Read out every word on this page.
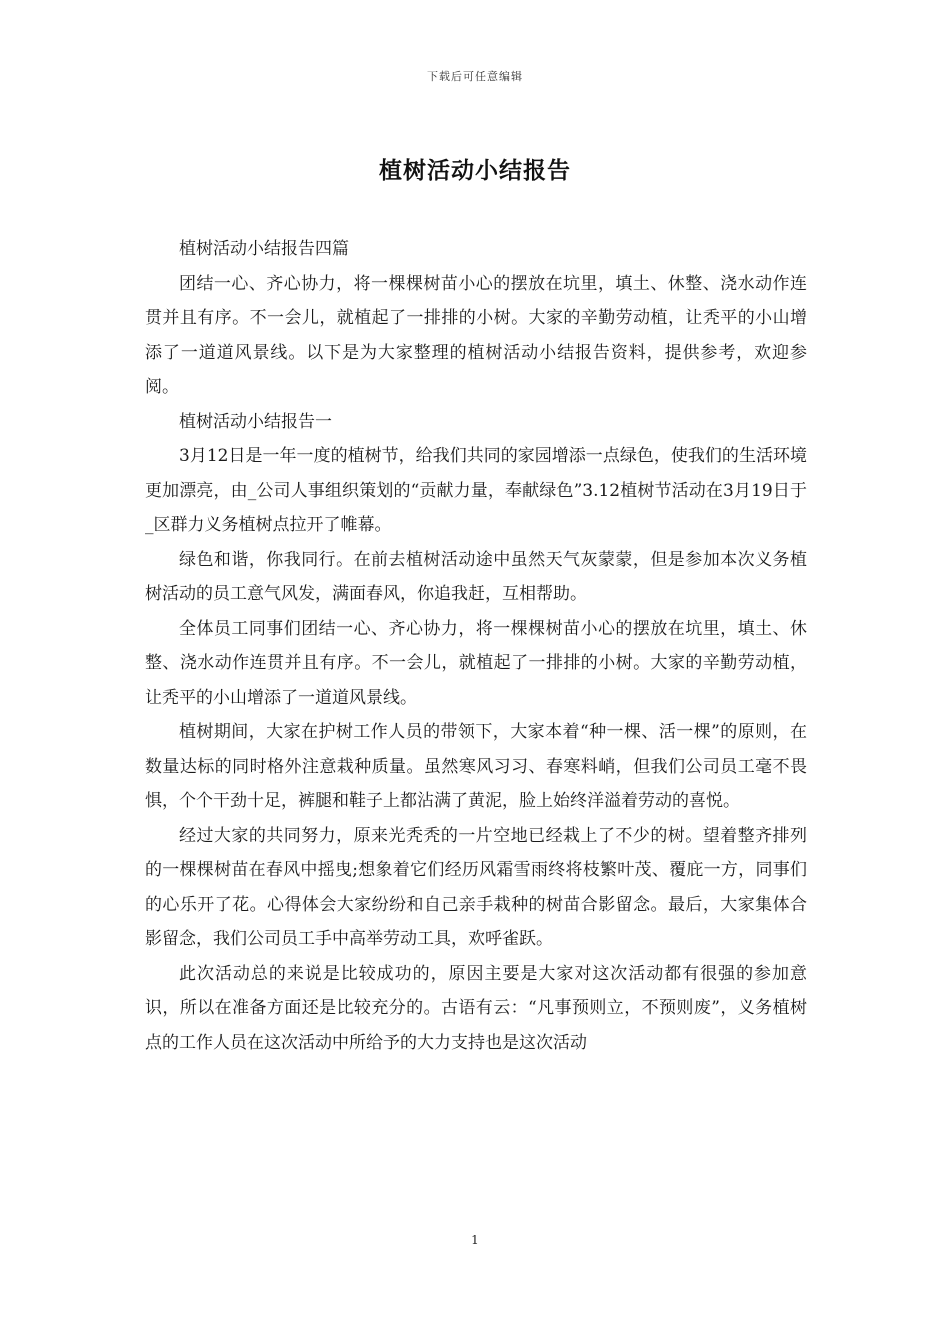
下载后可任意编辑
植树活动小结报告

植树活动小结报告四篇

团结一心、齐心协力，将一棵棵树苗小心的摆放在坑里，填土、休整、浇水动作连贯并且有序。不一会儿，就植起了一排排的小树。大家的辛勤劳动植，让秃平的小山增添了一道道风景线。以下是为大家整理的植树活动小结报告资料，提供参考，欢迎参阅。

植树活动小结报告一

3月12日是一年一度的植树节，给我们共同的家园增添一点绿色，使我们的生活环境更加漂亮，由_公司人事组织策划的“贡献力量，奉献绿色”3.12植树节活动在3月19日于_区群力义务植树点拉开了帷幕。

绿色和谐，你我同行。在前去植树活动途中虽然天气灰蒙蒙，但是参加本次义务植树活动的员工意气风发，满面春风，你追我赶，互相帮助。

全体员工同事们团结一心、齐心协力，将一棵棵树苗小心的摆放在坑里，填土、休整、浇水动作连贯并且有序。不一会儿，就植起了一排排的小树。大家的辛勤劳动植，让秃平的小山增添了一道道风景线。

植树期间，大家在护树工作人员的带领下，大家本着“种一棵、活一棵”的原则，在数量达标的同时格外注意栽种质量。虽然寒风习习、春寒料峭，但我们公司员工毫不畏惧，个个干劲十足，裤腿和鞋子上都沾满了黄泥，脸上始终洋溢着劳动的喜悦。

经过大家的共同努力，原来光秃秃的一片空地已经栽上了不少的树。望着整齐排列的一棵棵树苗在春风中摇曳;想象着它们经历风霜雪雨终将枝繁叶茂、覆庇一方，同事们的心乐开了花。心得体会大家纷纷和自己亲手栽种的树苗合影留念。最后，大家集体合影留念，我们公司员工手中高举劳动工具，欢呼雀跃。

此次活动总的来说是比较成功的，原因主要是大家对这次活动都有很强的参加意识，所以在准备方面还是比较充分的。古语有云：“凡事预则立，不预则废”，义务植树点的工作人员在这次活动中所给予的大力支持也是这次活动

1
